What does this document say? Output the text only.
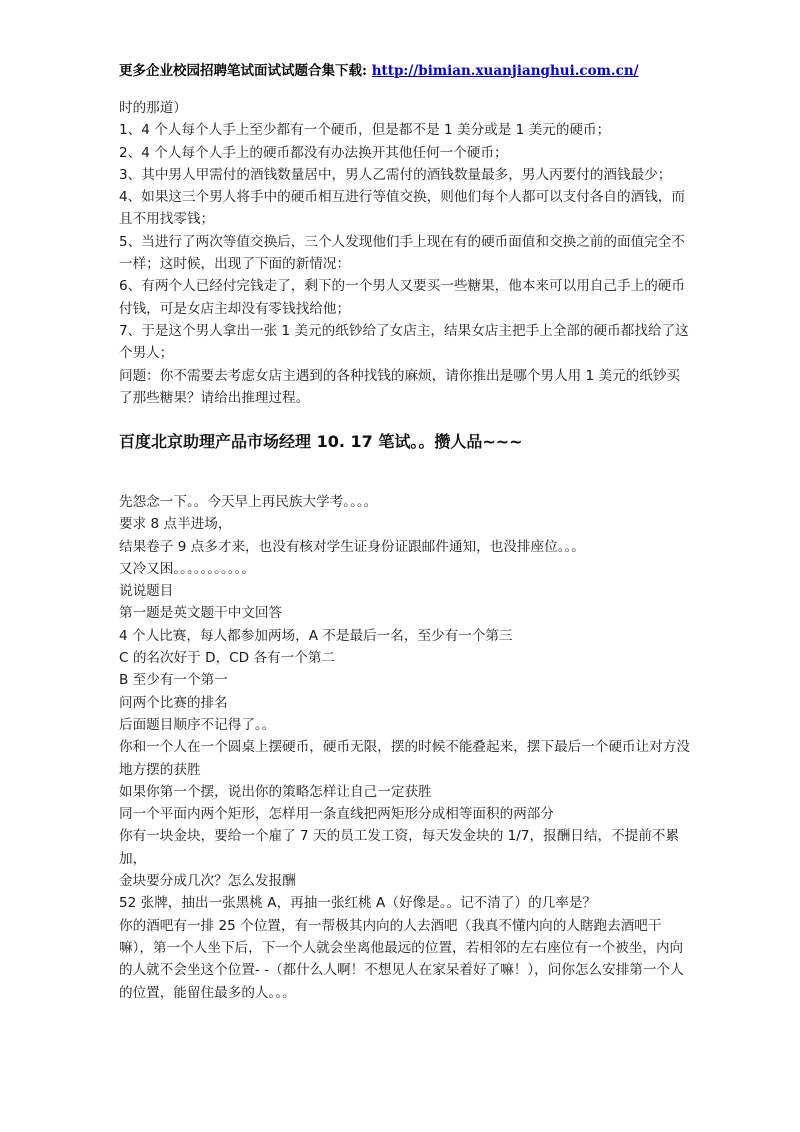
更多企业校园招聘笔试面试试题合集下载: http://bimian.xuanjianghui.com.cn/

时的那道）

1、4 个人每个人手上至少都有一个硬币，但是都不是 1 美分或是 1 美元的硬币；

2、4 个人每个人手上的硬币都没有办法换开其他任何一个硬币；

3、其中男人甲需付的酒钱数量居中，男人乙需付的酒钱数量最多，男人丙要付的酒钱最少；

4、如果这三个男人将手中的硬币相互进行等值交换，则他们每个人都可以支付各自的酒钱，而且不用找零钱；

5、当进行了两次等值交换后，三个人发现他们手上现在有的硬币面值和交换之前的面值完全不一样；这时候，出现了下面的新情况：

6、有两个人已经付完钱走了，剩下的一个男人又要买一些糖果，他本来可以用自己手上的硬币付钱，可是女店主却没有零钱找给他；

7、于是这个男人拿出一张 1 美元的纸钞给了女店主，结果女店主把手上全部的硬币都找给了这个男人；

问题：你不需要去考虑女店主遇到的各种找钱的麻烦，请你推出是哪个男人用 1 美元的纸钞买了那些糖果？请给出推理过程。

百度北京助理产品市场经理 10. 17 笔试。。攒人品~~~

先怨念一下。。今天早上再民族大学考。。。。

要求 8 点半进场，

结果卷子 9 点多才来，也没有核对学生证身份证跟邮件通知，也没排座位。。。

又冷又困。。。。。。。。。。。

说说题目

第一题是英文题干中文回答

4 个人比赛，每人都参加两场，A 不是最后一名，至少有一个第三

C 的名次好于 D，CD 各有一个第二

B 至少有一个第一

问两个比赛的排名

后面题目顺序不记得了。。

你和一个人在一个圆桌上摆硬币，硬币无限，摆的时候不能叠起来，摆下最后一个硬币让对方没地方摆的获胜

如果你第一个摆，说出你的策略怎样让自己一定获胜

同一个平面内两个矩形，怎样用一条直线把两矩形分成相等面积的两部分

你有一块金块，要给一个雇了 7 天的员工发工资，每天发金块的 1/7，报酬日结，不提前不累加，

金块要分成几次？怎么发报酬

52 张牌，抽出一张黑桃 A，再抽一张红桃 A（好像是。。记不清了）的几率是？

你的酒吧有一排 25 个位置，有一帮极其内向的人去酒吧（我真不懂内向的人瞎跑去酒吧干嘛），第一个人坐下后，下一个人就会坐离他最远的位置，若相邻的左右座位有一个被坐，内向的人就不会坐这个位置- -（都什么人啊！不想见人在家呆着好了嘛！），问你怎么安排第一个人的位置，能留住最多的人。。。
